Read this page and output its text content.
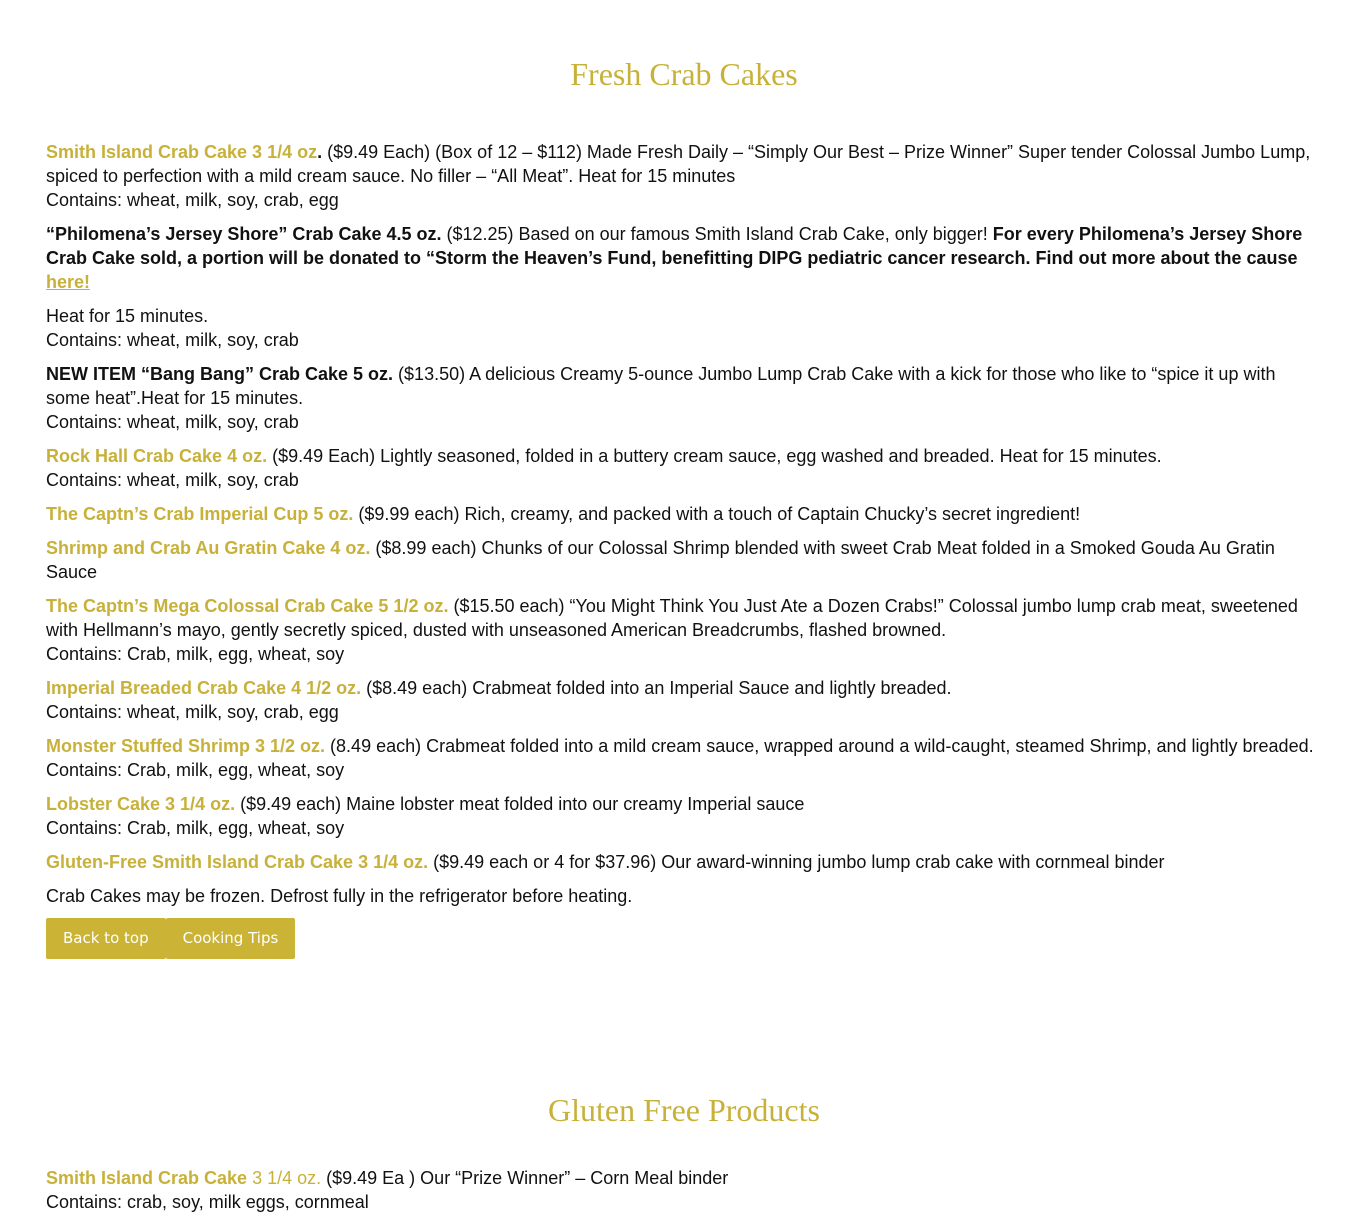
Fresh Crab Cakes

Smith Island Crab Cake 3 1/4 oz. ($9.49 Each) (Box of 12 – $112) Made Fresh Daily – “Simply Our Best – Prize Winner” Super tender Colossal Jumbo Lump, spiced to perfection with a mild cream sauce. No filler – “All Meat”. Heat for 15 minutes
Contains: wheat, milk, soy, crab, egg

“Philomena’s Jersey Shore” Crab Cake 4.5 oz. ($12.25) Based on our famous Smith Island Crab Cake, only bigger! For every Philomena’s Jersey Shore Crab Cake sold, a portion will be donated to “Storm the Heaven’s Fund, benefitting DIPG pediatric cancer research. Find out more about the cause here!

Heat for 15 minutes.
Contains: wheat, milk, soy, crab

NEW ITEM “Bang Bang” Crab Cake 5 oz. ($13.50) A delicious Creamy 5-ounce Jumbo Lump Crab Cake with a kick for those who like to “spice it up with some heat”.Heat for 15 minutes.
Contains: wheat, milk, soy, crab

Rock Hall Crab Cake 4 oz. ($9.49 Each) Lightly seasoned, folded in a buttery cream sauce, egg washed and breaded. Heat for 15 minutes.
Contains: wheat, milk, soy, crab

The Captn’s Crab Imperial Cup 5 oz. ($9.99 each) Rich, creamy, and packed with a touch of Captain Chucky’s secret ingredient!

Shrimp and Crab Au Gratin Cake 4 oz. ($8.99 each) Chunks of our Colossal Shrimp blended with sweet Crab Meat folded in a Smoked Gouda Au Gratin Sauce

The Captn’s Mega Colossal Crab Cake 5 1/2 oz. ($15.50 each) “You Might Think You Just Ate a Dozen Crabs!” Colossal jumbo lump crab meat, sweetened with Hellmann’s mayo, gently secretly spiced, dusted with unseasoned American Breadcrumbs, flashed browned.
Contains: Crab, milk, egg, wheat, soy

Imperial Breaded Crab Cake 4 1/2 oz. ($8.49 each) Crabmeat folded into an Imperial Sauce and lightly breaded.
Contains: wheat, milk, soy, crab, egg

Monster Stuffed Shrimp 3 1/2 oz. (8.49 each) Crabmeat folded into a mild cream sauce, wrapped around a wild-caught, steamed Shrimp, and lightly breaded.
Contains: Crab, milk, egg, wheat, soy

Lobster Cake 3 1/4 oz. ($9.49 each) Maine lobster meat folded into our creamy Imperial sauce
Contains: Crab, milk, egg, wheat, soy

Gluten-Free Smith Island Crab Cake 3 1/4 oz. ($9.49 each or 4 for $37.96) Our award-winning jumbo lump crab cake with cornmeal binder

Crab Cakes may be frozen. Defrost fully in the refrigerator before heating.

Back to top	Cooking Tips
Gluten Free Products

Smith Island Crab Cake 3 1/4 oz. ($9.49 Ea ) Our “Prize Winner” – Corn Meal binder
Contains: crab, soy, milk eggs, cornmeal
